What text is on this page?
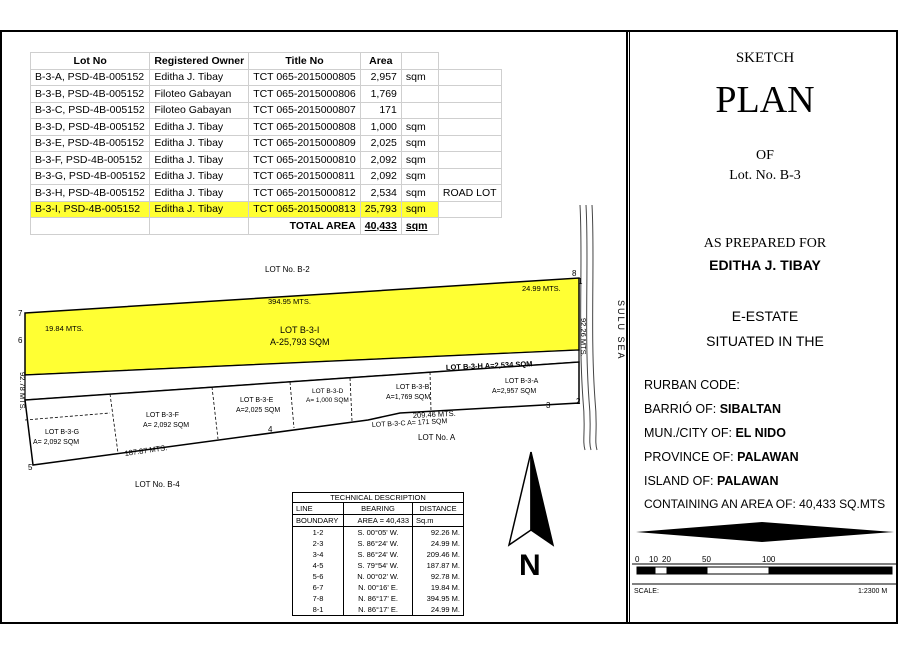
Lot No	Registered Owner	Title No	Area		
B-3-A, PSD-4B-005152	Editha J. Tibay	TCT 065-2015000805	2,957	sqm	
B-3-B, PSD-4B-005152	Filoteo Gabayan	TCT 065-2015000806	1,769		
B-3-C, PSD-4B-005152	Filoteo Gabayan	TCT 065-2015000807	171		
B-3-D, PSD-4B-005152	Editha J. Tibay	TCT 065-2015000808	1,000	sqm	
B-3-E, PSD-4B-005152	Editha J. Tibay	TCT 065-2015000809	2,025	sqm	
B-3-F, PSD-4B-005152	Editha J. Tibay	TCT 065-2015000810	2,092	sqm	
B-3-G, PSD-4B-005152	Editha J. Tibay	TCT 065-2015000811	2,092	sqm	
B-3-H, PSD-4B-005152	Editha J. Tibay	TCT 065-2015000812	2,534	sqm	ROAD LOT
B-3-I, PSD-4B-005152	Editha J. Tibay	TCT 065-2015000813	25,793	sqm	
		TOTAL AREA	40,433	sqm	
8
2
3
4
5
6
7
1
LOT No. B-2
LOT No. B-4
LOT No. A
SULU SEA
394.95 MTS.
24.99 MTS.
19.84 MTS.
92.78 MTS.
92.26 MTS.
209.46 MTS.
187.87 MTS.
LOT B-3-I
A-25,793 SQM
LOT B-3-H A=2,534 SQM
LOT B-3-A
A=2,957 SQM
LOT B-3-B
A=1,769 SQM
LOT B-3-C A= 171 SQM
LOT B-3-D
A= 1,000 SQM
LOT B-3-E
A=2,025 SQM
LOT B-3-F
A= 2,092 SQM
LOT B-3-G
A= 2,092 SQM
N
TECHNICAL DESCRIPTION		
LINE	BEARING	DISTANCE
BOUNDARY	AREA = 40,433	Sq.m
1-2	S. 00°05' W.	92.26 M.
2-3	S. 86°24' W.	24.99 M.
3-4	S. 86°24' W.	209.46 M.
4-5	S. 79°54' W.	187.87 M.
5-6	N. 00°02' W.	92.78 M.
6-7	N. 00°16' E.	19.84 M.
7-8	N. 86°17' E.	394.95 M.
8-1	N. 86°17' E.	24.99 M.
SKETCH
PLAN
OF
Lot. No. B-3
AS PREPARED FOR
EDITHA J. TIBAY
E-ESTATE
SITUATED IN THE
RURBAN CODE:
BARRIÓ OF: SIBALTAN
MUN./CITY OF: EL NIDO
PROVINCE OF: PALAWAN
ISLAND OF: PALAWAN
CONTAINING AN AREA OF: 40,433 SQ.MTS
0 10 20	50	100
SCALE:	1:2300 M
